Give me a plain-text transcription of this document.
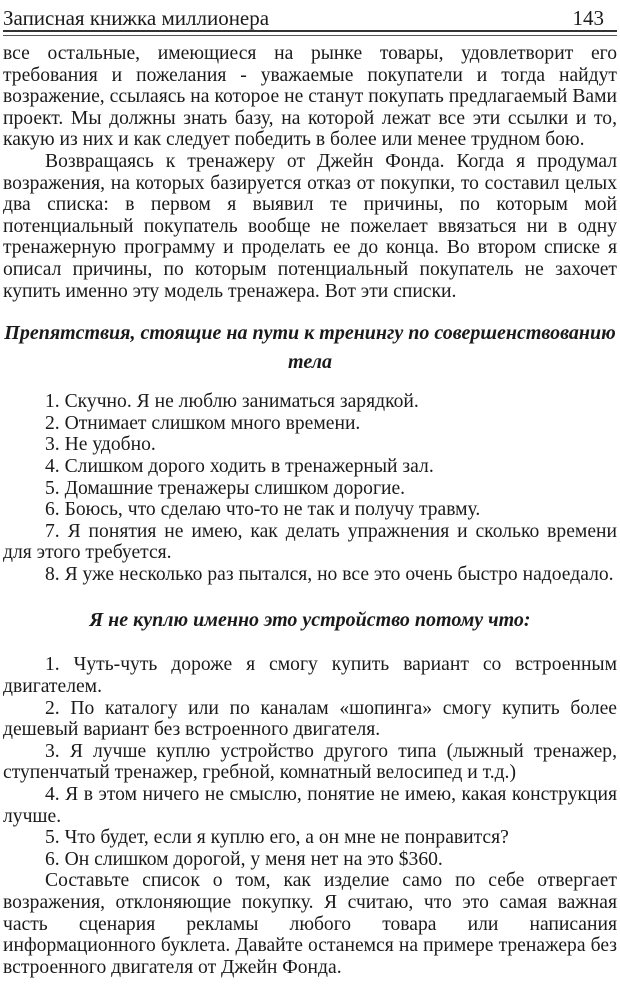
Записная книжка миллионера	143

все остальные, имеющиеся на рынке товары, удовлетворит его требования и пожелания - уважаемые покупатели и тогда найдут возражение, ссылаясь на которое не станут покупать предлагаемый Вами проект. Мы должны знать базу, на которой лежат все эти ссылки и то, какую из них и как следует победить в более или менее трудном бою.

Возвращаясь к тренажеру от Джейн Фонда. Когда я продумал возражения, на которых базируется отказ от покупки, то составил целых два списка: в первом я выявил те причины, по которым мой потенциальный покупатель вообще не пожелает ввязаться ни в одну тренажерную программу и проделать ее до конца. Во втором списке я описал причины, по которым потенциальный покупатель не захочет купить именно эту модель тренажера. Вот эти списки.

Препятствия, стоящие на пути к тренингу по совершенствованию тела

1. Скучно. Я не люблю заниматься зарядкой.

2. Отнимает слишком много времени.

3. Не удобно.

4. Слишком дорого ходить в тренажерный зал.

5. Домашние тренажеры слишком дорогие.

6. Боюсь, что сделаю что-то не так и получу травму.

7. Я понятия не имею, как делать упражнения и сколько времени для этого требуется.

8. Я уже несколько раз пытался, но все это очень быстро надоедало.

Я не куплю именно это устройство потому что:

1. Чуть-чуть дороже я смогу купить вариант со встроенным двигателем.

2. По каталогу или по каналам «шопинга» смогу купить более дешевый вариант без встроенного двигателя.

3. Я лучше куплю устройство другого типа (лыжный тренажер, ступенчатый тренажер, гребной, комнатный велосипед и т.д.)

4. Я в этом ничего не смыслю, понятие не имею, какая конструкция лучше.

5. Что будет, если я куплю его, а он мне не понравится?

6. Он слишком дорогой, у меня нет на это $360.

Составьте список о том, как изделие само по себе отвергает возражения, отклоняющие покупку. Я считаю, что это самая важная часть сценария рекламы любого товара или написания информационного буклета. Давайте останемся на примере тренажера без встроенного двигателя от Джейн Фонда.
